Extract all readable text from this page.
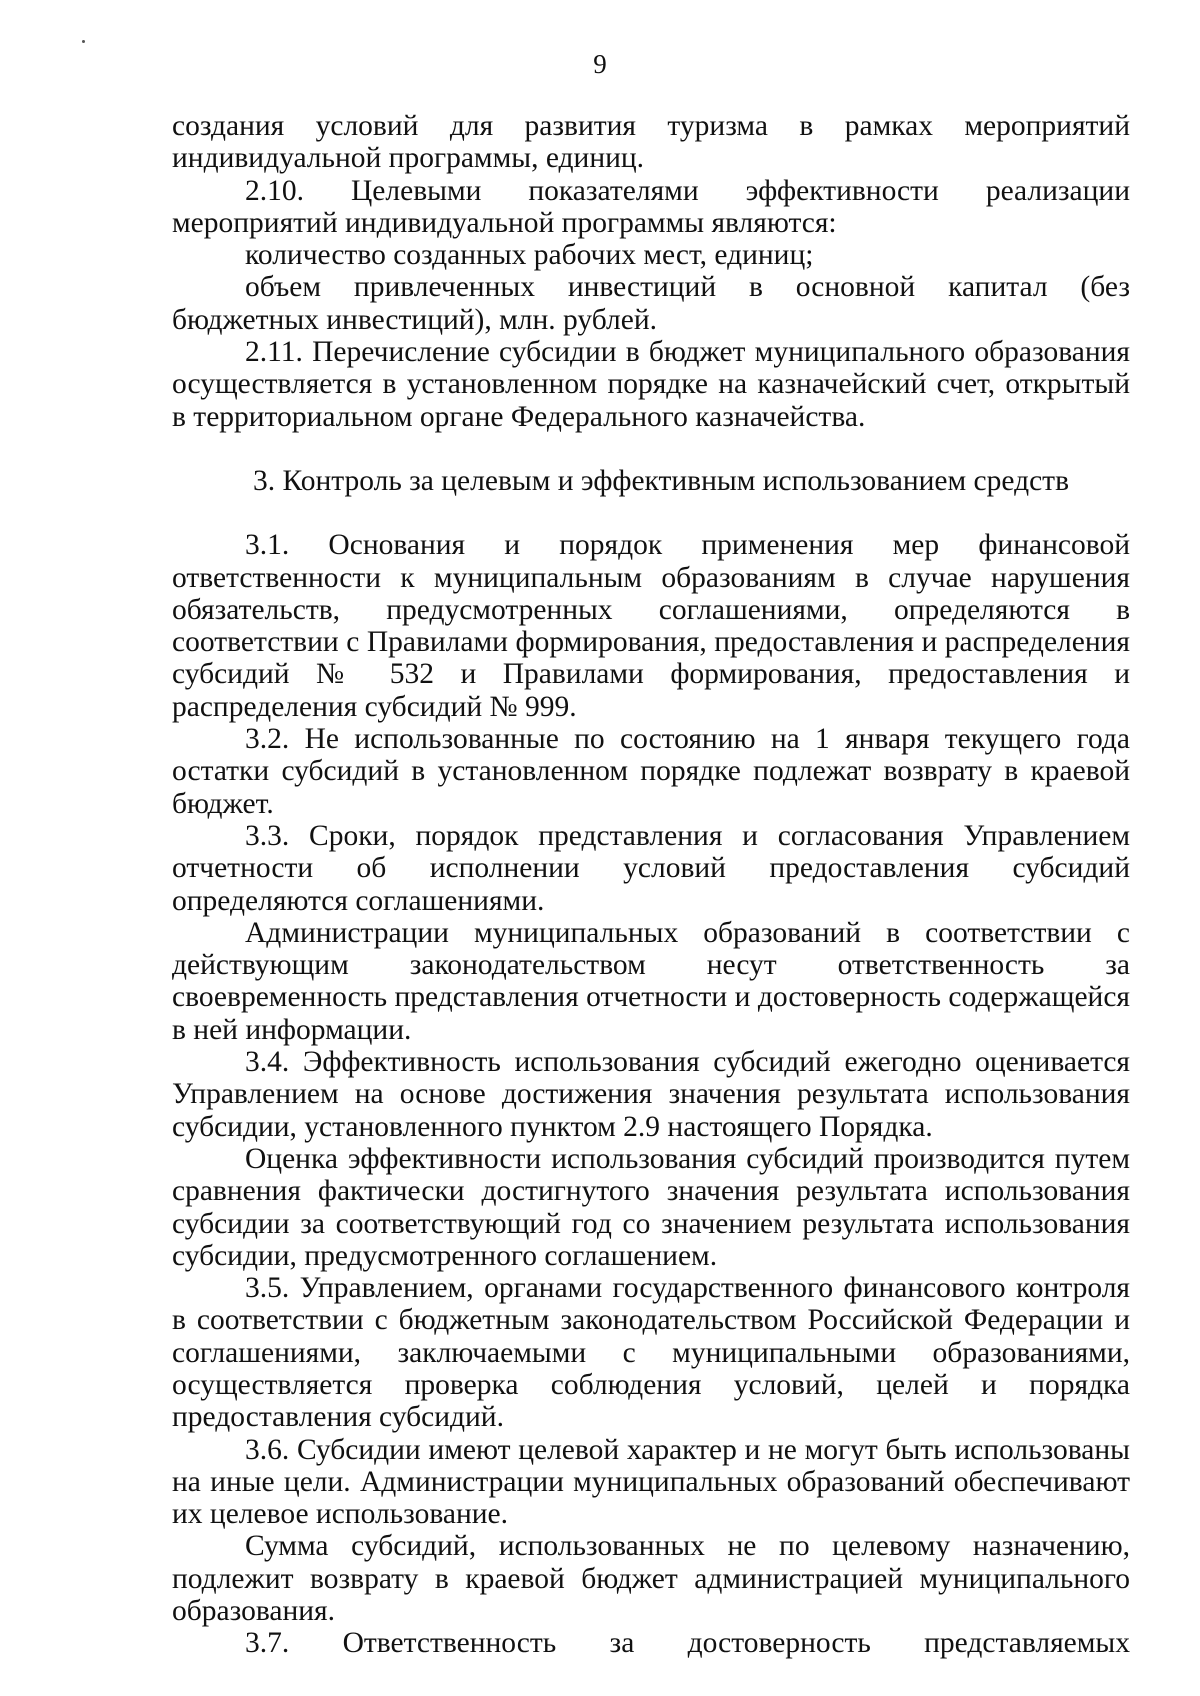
9

создания условий для развития туризма в рамках мероприятий индивидуальной программы, единиц.

2.10. Целевыми показателями эффективности реализации мероприятий индивидуальной программы являются:

количество созданных рабочих мест, единиц;

объем привлеченных инвестиций в основной капитал (без бюджетных инвестиций), млн. рублей.

2.11. Перечисление субсидии в бюджет муниципального образования осуществляется в установленном порядке на казначейский счет, открытый в территориальном органе Федерального казначейства.

3. Контроль за целевым и эффективным использованием средств

3.1. Основания и порядок применения мер финансовой ответственности к муниципальным образованиям в случае нарушения обязательств, предусмотренных соглашениями, определяются в соответствии с Правилами формирования, предоставления и распределения субсидий № 532 и Правилами формирования, предоставления и распределения субсидий № 999.

3.2. Не использованные по состоянию на 1 января текущего года остатки субсидий в установленном порядке подлежат возврату в краевой бюджет.

3.3. Сроки, порядок представления и согласования Управлением отчетности об исполнении условий предоставления субсидий определяются соглашениями.

Администрации муниципальных образований в соответствии с действующим законодательством несут ответственность за своевременность представления отчетности и достоверность содержащейся в ней информации.

3.4. Эффективность использования субсидий ежегодно оценивается Управлением на основе достижения значения результата использования субсидии, установленного пунктом 2.9 настоящего Порядка.

Оценка эффективности использования субсидий производится путем сравнения фактически достигнутого значения результата использования субсидии за соответствующий год со значением результата использования субсидии, предусмотренного соглашением.

3.5. Управлением, органами государственного финансового контроля в соответствии с бюджетным законодательством Российской Федерации и соглашениями, заключаемыми с муниципальными образованиями, осуществляется проверка соблюдения условий, целей и порядка предоставления субсидий.

3.6. Субсидии имеют целевой характер и не могут быть использованы на иные цели. Администрации муниципальных образований обеспечивают их целевое использование.

Сумма субсидий, использованных не по целевому назначению, подлежит возврату в краевой бюджет администрацией муниципального образования.

3.7. Ответственность за достоверность представляемых
